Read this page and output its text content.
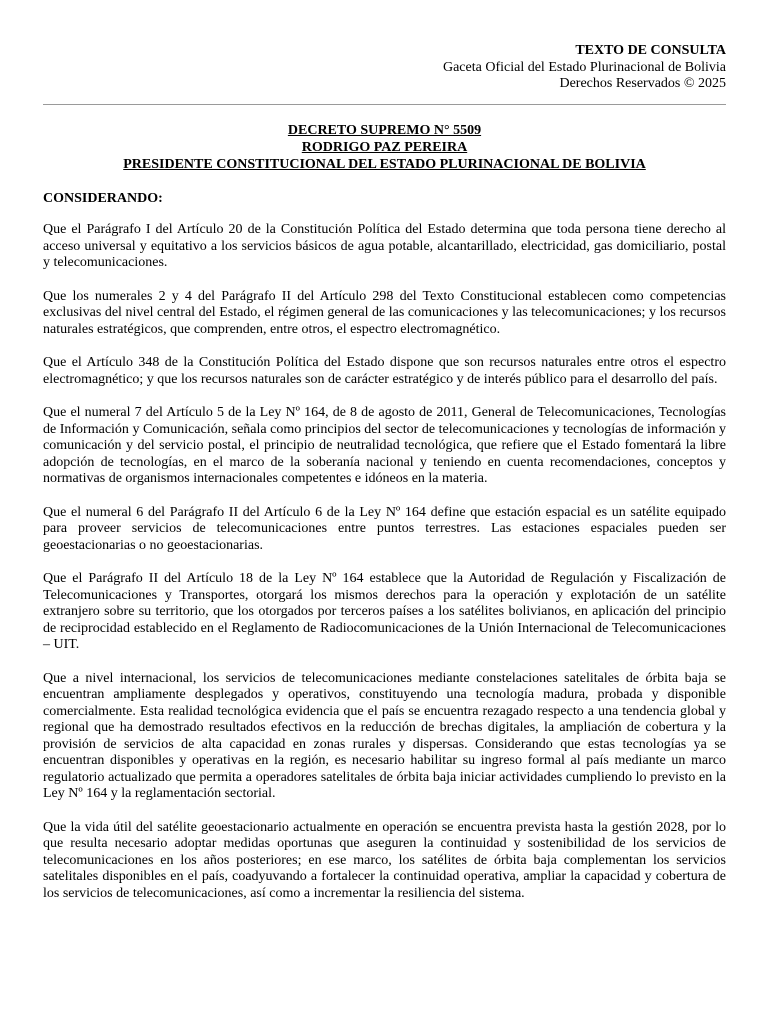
TEXTO DE CONSULTA
Gaceta Oficial del Estado Plurinacional de Bolivia
Derechos Reservados © 2025
DECRETO SUPREMO N° 5509
RODRIGO PAZ PEREIRA
PRESIDENTE CONSTITUCIONAL DEL ESTADO PLURINACIONAL DE BOLIVIA
CONSIDERANDO:

Que el Parágrafo I del Artículo 20 de la Constitución Política del Estado determina que toda persona tiene derecho al acceso universal y equitativo a los servicios básicos de agua potable, alcantarillado, electricidad, gas domiciliario, postal y telecomunicaciones.

Que los numerales 2 y 4 del Parágrafo II del Artículo 298 del Texto Constitucional establecen como competencias exclusivas del nivel central del Estado, el régimen general de las comunicaciones y las telecomunicaciones; y los recursos naturales estratégicos, que comprenden, entre otros, el espectro electromagnético.

Que el Artículo 348 de la Constitución Política del Estado dispone que son recursos naturales entre otros el espectro electromagnético; y que los recursos naturales son de carácter estratégico y de interés público para el desarrollo del país.

Que el numeral 7 del Artículo 5 de la Ley Nº 164, de 8 de agosto de 2011, General de Telecomunicaciones, Tecnologías de Información y Comunicación, señala como principios del sector de telecomunicaciones y tecnologías de información y comunicación y del servicio postal, el principio de neutralidad tecnológica, que refiere que el Estado fomentará la libre adopción de tecnologías, en el marco de la soberanía nacional y teniendo en cuenta recomendaciones, conceptos y normativas de organismos internacionales competentes e idóneos en la materia.

Que el numeral 6 del Parágrafo II del Artículo 6 de la Ley Nº 164 define que estación espacial es un satélite equipado para proveer servicios de telecomunicaciones entre puntos terrestres. Las estaciones espaciales pueden ser geoestacionarias o no geoestacionarias.

Que el Parágrafo II del Artículo 18 de la Ley Nº 164 establece que la Autoridad de Regulación y Fiscalización de Telecomunicaciones y Transportes, otorgará los mismos derechos para la operación y explotación de un satélite extranjero sobre su territorio, que los otorgados por terceros países a los satélites bolivianos, en aplicación del principio de reciprocidad establecido en el Reglamento de Radiocomunicaciones de la Unión Internacional de Telecomunicaciones – UIT.

Que a nivel internacional, los servicios de telecomunicaciones mediante constelaciones satelitales de órbita baja se encuentran ampliamente desplegados y operativos, constituyendo una tecnología madura, probada y disponible comercialmente. Esta realidad tecnológica evidencia que el país se encuentra rezagado respecto a una tendencia global y regional que ha demostrado resultados efectivos en la reducción de brechas digitales, la ampliación de cobertura y la provisión de servicios de alta capacidad en zonas rurales y dispersas. Considerando que estas tecnologías ya se encuentran disponibles y operativas en la región, es necesario habilitar su ingreso formal al país mediante un marco regulatorio actualizado que permita a operadores satelitales de órbita baja iniciar actividades cumpliendo lo previsto en la Ley Nº 164 y la reglamentación sectorial.

Que la vida útil del satélite geoestacionario actualmente en operación se encuentra prevista hasta la gestión 2028, por lo que resulta necesario adoptar medidas oportunas que aseguren la continuidad y sostenibilidad de los servicios de telecomunicaciones en los años posteriores; en ese marco, los satélites de órbita baja complementan los servicios satelitales disponibles en el país, coadyuvando a fortalecer la continuidad operativa, ampliar la capacidad y cobertura de los servicios de telecomunicaciones, así como a incrementar la resiliencia del sistema.
